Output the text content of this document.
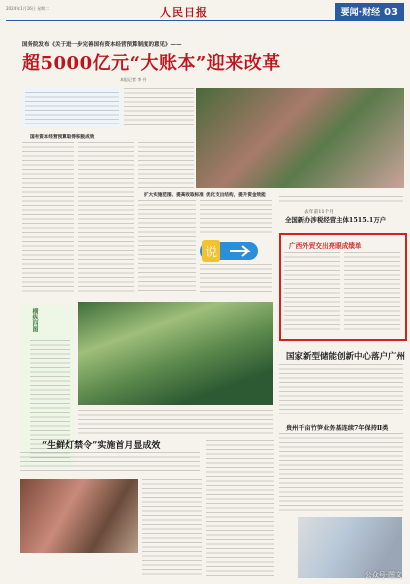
2024年1月16日 星期二	人民日报	要闻·财经 03
国务院发布《关于进一步完善国有资本经营预算制度的意见》——
超5000亿元“大账本”迎来改革
本报记者 李 丹
国有资本经营预算取得积极成效
扩大实施范围、提高收取标准 优化支出结构，提升资金效能
去年前11个月
全国新办涉税经营主体1515.1万户
说	广西外贸交出亮眼成绩单
横纵四图
国家新型储能创新中心落户广州
“生鲜灯禁令”实施首月显成效
贵州千亩竹笋业务基连续7年保持Ⅱ类
公众号·图文
